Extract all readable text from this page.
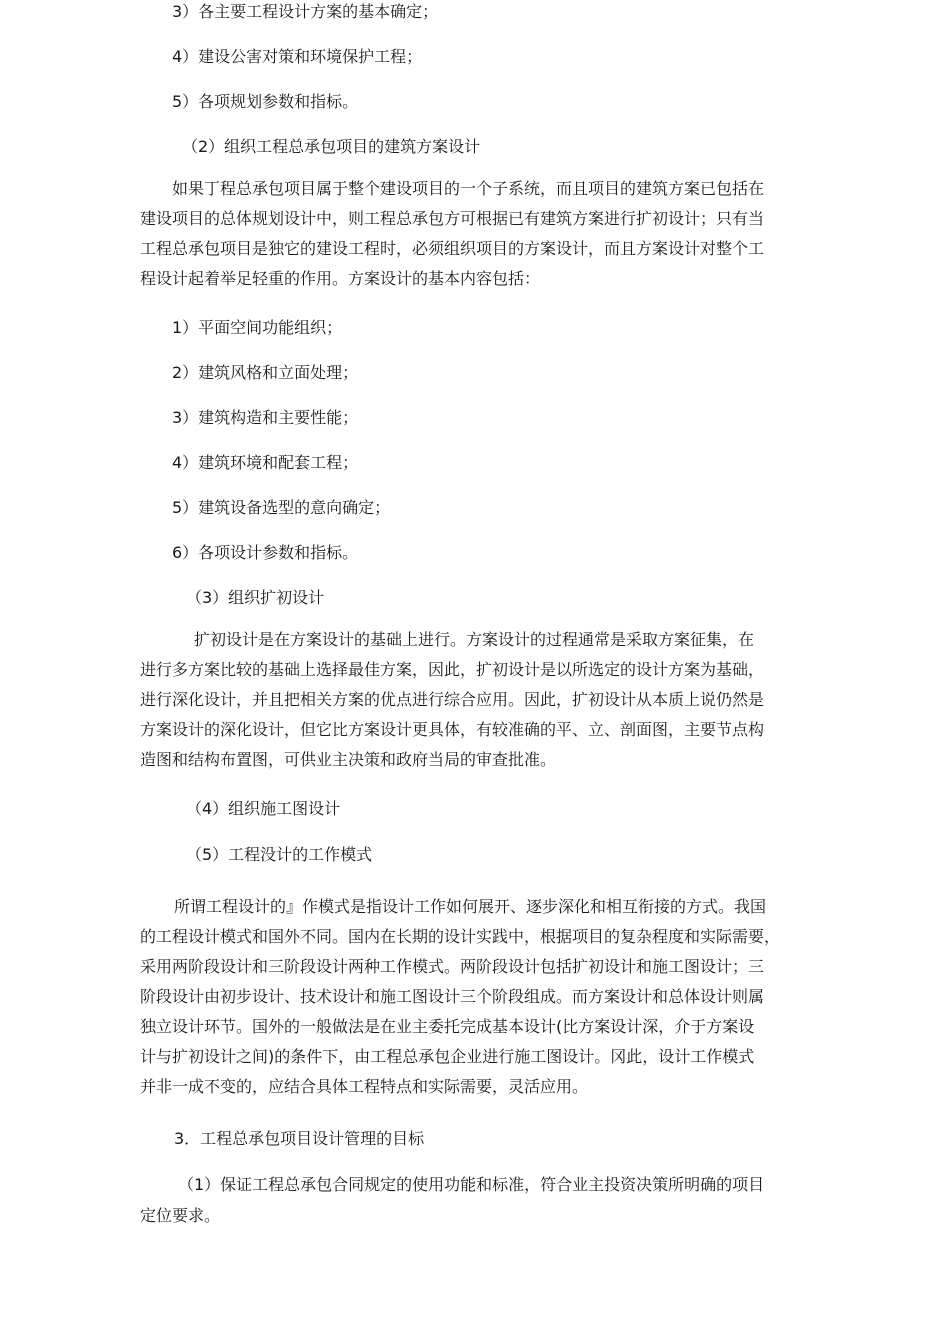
3）各主要工程设计方案的基本确定；
4）建设公害对策和环境保护工程；
5）各项规划参数和指标。
（2）组织工程总承包项目的建筑方案设计
如果丁程总承包项目属于整个建设项目的一个子系统，而且项目的建筑方案已包括在
建设项目的总体规划设计中，则工程总承包方可根据已有建筑方案进行扩初设计；只有当
工程总承包项目是独它的建设工程时，必须组织项目的方案设计，而且方案设计对整个工
程设计起着举足轻重的作用。方案设计的基本内容包括：
1）平面空间功能组织；
2）建筑风格和立面处理；
3）建筑构造和主要性能；
4）建筑环境和配套工程；
5）建筑设备选型的意向确定；
6）各项设计参数和指标。
（3）组织扩初设计
扩初设计是在方案设计的基础上进行。方案设计的过程通常是采取方案征集，在
进行多方案比较的基础上选择最佳方案，因此，扩初设计是以所选定的设计方案为基础，
进行深化设计，并且把相关方案的优点进行综合应用。因此，扩初设计从本质上说仍然是
方案设计的深化设计，但它比方案设计更具体，有较准确的平、立、剖面图，主要节点构
造图和结构布置图，可供业主决策和政府当局的审查批准。
（4）组织施工图设计
（5）工程没计的工作模式
所谓工程设计的』作模式是指设计工作如何展开、逐步深化和相互衔接的方式。我国
的工程设计模式和国外不同。国内在长期的设计实践中，根据项目的复杂程度和实际需要，
采用两阶段设计和三阶段设计两种工作模式。两阶段设计包括扩初设计和施工图设计；三
阶段设计由初步设计、技术设计和施工图设计三个阶段组成。而方案设计和总体设计则属
独立设计环节。国外的一般做法是在业主委托完成基本设计(比方案设计深，介于方案设
计与扩初设计之间)的条件下，由工程总承包企业进行施工图设计。冈此，设计工作模式
并非一成不变的，应结合具体工程特点和实际需要，灵活应用。
3．工程总承包项目设计管理的目标
（1）保证工程总承包合同规定的使用功能和标准，符合业主投资决策所明确的项目
定位要求。
